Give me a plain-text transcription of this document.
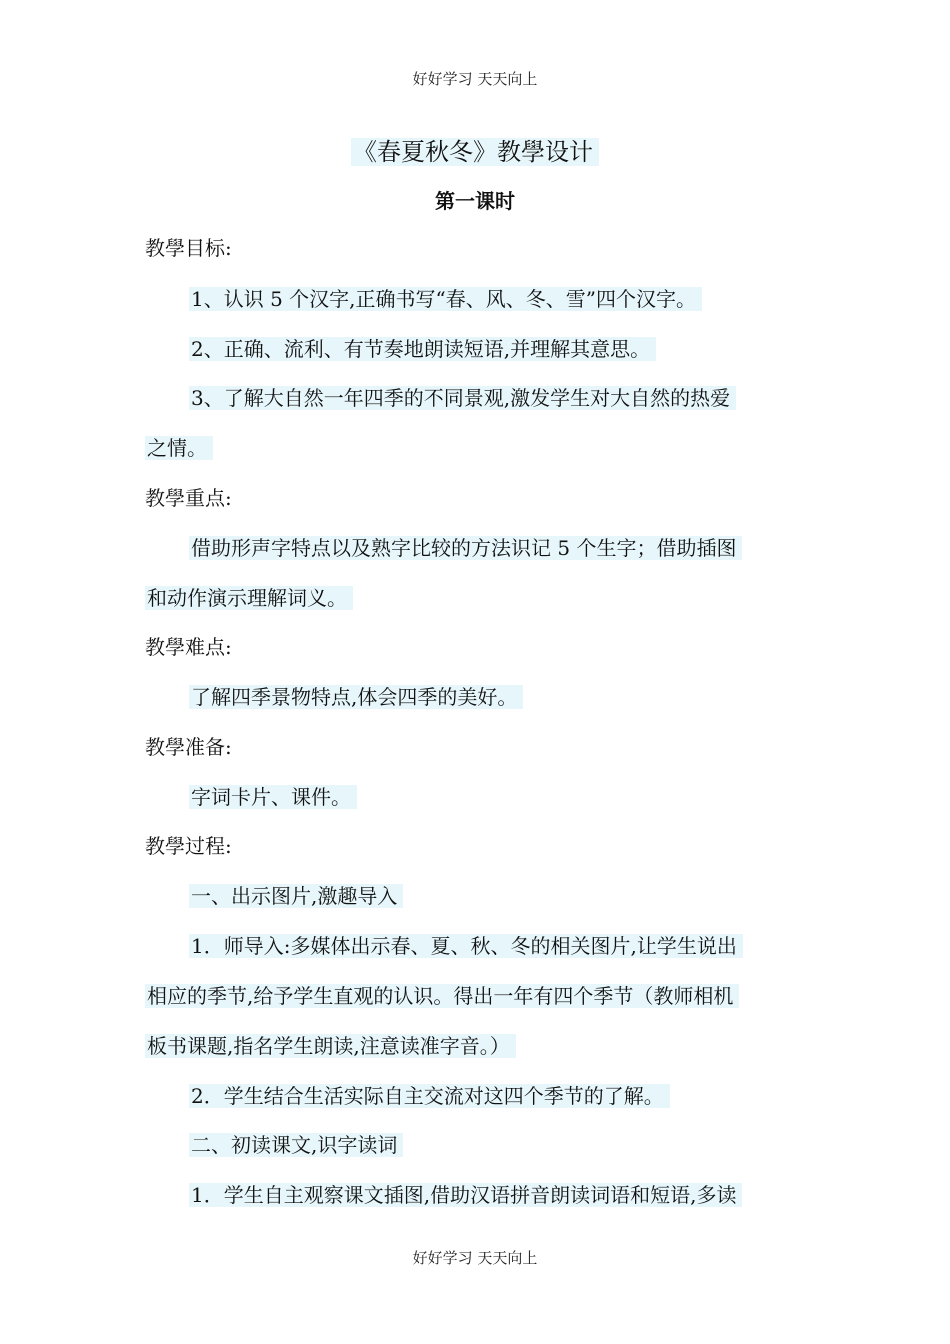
好好学习 天天向上
《春夏秋冬》教學设计
第一课时
教學目标:
1、认识 5 个汉字,正确书写“春、风、冬、雪”四个汉字。
2、正确、流利、有节奏地朗读短语,并理解其意思。
3、了解大自然一年四季的不同景观,激发学生对大自然的热爱
之情。
教學重点:
借助形声字特点以及熟字比较的方法识记 5 个生字；借助插图
和动作演示理解词义。
教學难点:
了解四季景物特点,体会四季的美好。
教學准备:
字词卡片、课件。
教學过程:
一、出示图片,激趣导入
1．师导入:多媒体出示春、夏、秋、冬的相关图片,让学生说出
相应的季节,给予学生直观的认识。得出一年有四个季节（教师相机
板书课题,指名学生朗读,注意读准字音。）
2．学生结合生活实际自主交流对这四个季节的了解。
二、初读课文,识字读词
1．学生自主观察课文插图,借助汉语拼音朗读词语和短语,多读
好好学习 天天向上
